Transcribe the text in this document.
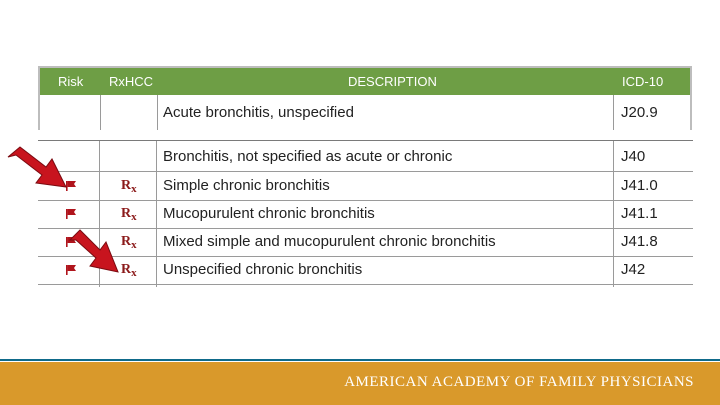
Risk RxHCC	DESCRIPTION	ICD-10
Acute bronchitis, unspecified	J20.9
Bronchitis, not specified as acute or chronic	J40
$R_x$ Simple chronic bronchitis	J41.0
$R_x$ Mucopurulent chronic bronchitis	J41.1
$R_x$ Mixed simple and mucopurulent chronic bronchitis	J41.8
$R_x$ Unspecified chronic bronchitis	J42
AMERICAN ACADEMY OF FAMILY PHYSICIANS
